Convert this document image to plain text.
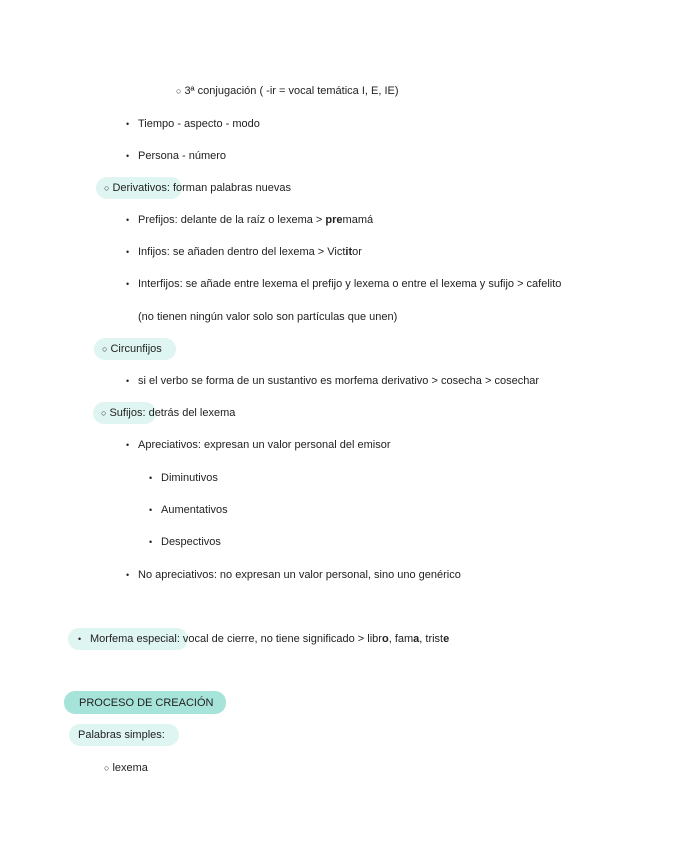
○ 3ª conjugación ( -ir = vocal temática I, E, IE)
• Tiempo - aspecto - modo
• Persona - número
○ Derivativos: forman palabras nuevas
• Prefijos: delante de la raíz o lexema > premamá
• Infijos: se añaden dentro del lexema > Victitor
• Interfijos: se añade entre lexema el prefijo y lexema o entre el lexema y sufijo > cafelito
(no tienen ningún valor solo son partículas que unen)
○ Circunfijos
• si el verbo se forma de un sustantivo es morfema derivativo > cosecha > cosechar
○ Sufijos: detrás del lexema
• Apreciativos: expresan un valor personal del emisor
• Diminutivos
• Aumentativos
• Despectivos
• No apreciativos: no expresan un valor personal, sino uno genérico
• Morfema especial: vocal de cierre, no tiene significado > libro, fama, triste
PROCESO DE CREACIÓN
Palabras simples:
○ lexema
